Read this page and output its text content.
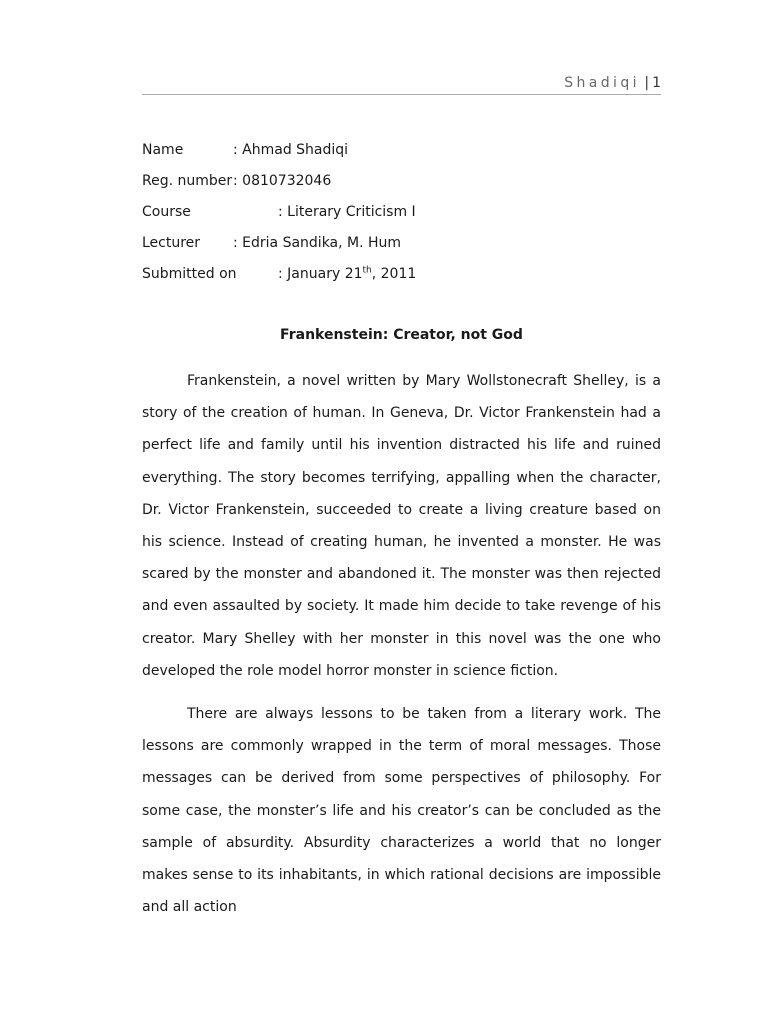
Shadiqi | 1
Name	: Ahmad Shadiqi
Reg. number : 0810732046
Course	: Literary Criticism I
Lecturer : Edria Sandika, M. Hum
Submitted on	: January 21th, 2011
Frankenstein: Creator, not God

Frankenstein, a novel written by Mary Wollstonecraft Shelley, is a story of the creation of human. In Geneva, Dr. Victor Frankenstein had a perfect life and family until his invention distracted his life and ruined everything. The story becomes terrifying, appalling when the character, Dr. Victor Frankenstein, succeeded to create a living creature based on his science. Instead of creating human, he invented a monster. He was scared by the monster and abandoned it. The monster was then rejected and even assaulted by society. It made him decide to take revenge of his creator. Mary Shelley with her monster in this novel was the one who developed the role model horror monster in science fiction.

There are always lessons to be taken from a literary work. The lessons are commonly wrapped in the term of moral messages. Those messages can be derived from some perspectives of philosophy. For some case, the monster’s life and his creator’s can be concluded as the sample of absurdity. Absurdity characterizes a world that no longer makes sense to its inhabitants, in which rational decisions are impossible and all action
